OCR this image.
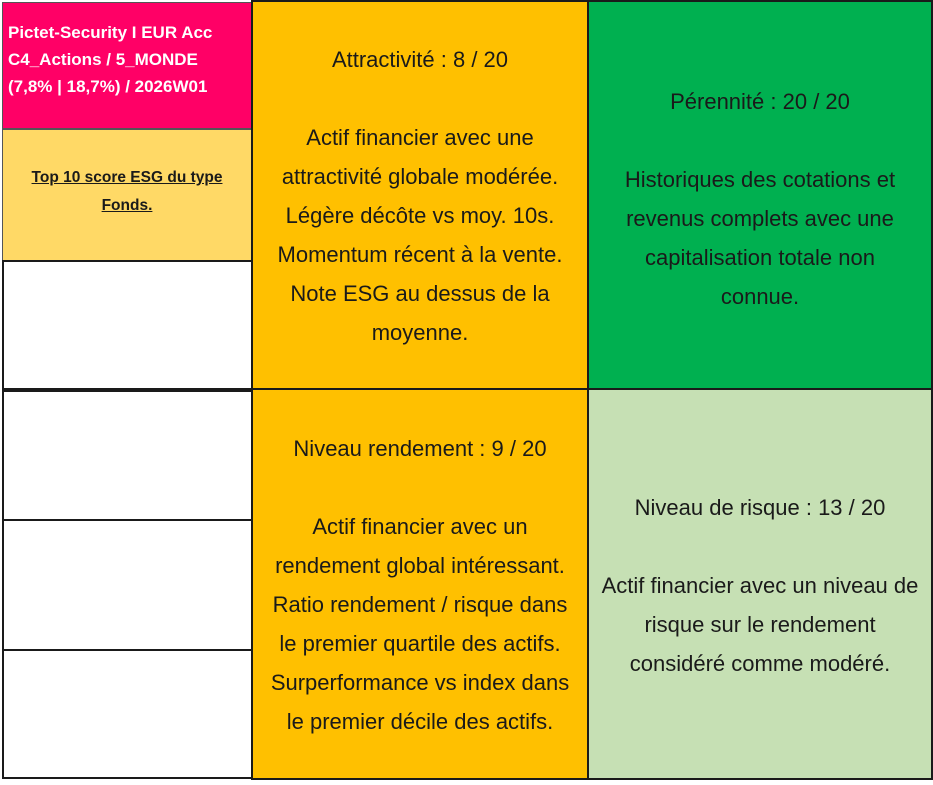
Pictet-Security I EUR Acc
C4_Actions / 5_MONDE
(7,8% | 18,7%) / 2026W01
Top 10 score ESG du type
Fonds.
Attractivité : 8 / 20
Actif financier avec une
attractivité globale modérée.
Légère décôte vs moy. 10s.
Momentum récent à la vente.
Note ESG au dessus de la
moyenne.
Pérennité : 20 / 20
Historiques des cotations et
revenus complets avec une
capitalisation totale non
connue.
Niveau rendement : 9 / 20
Actif financier avec un
rendement global intéressant.
Ratio rendement / risque dans
le premier quartile des actifs.
Surperformance vs index dans
le premier décile des actifs.
Niveau de risque : 13 / 20
Actif financier avec un niveau de
risque sur le rendement
considéré comme modéré.
